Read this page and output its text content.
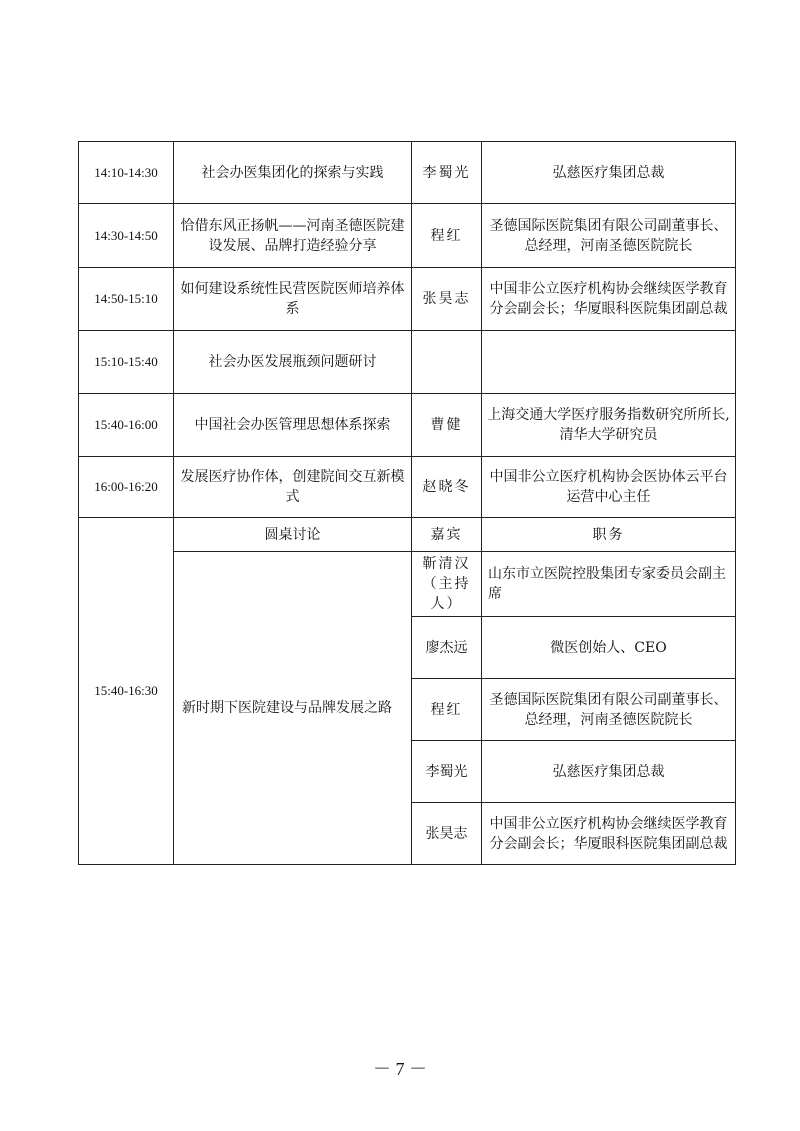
14:10-14:30	社会办医集团化的探索与实践	李蜀光	弘慈医疗集团总裁
14:30-14:50	恰借东风正扬帆——河南圣德医院建设发展、品牌打造经验分享	程红	圣德国际医院集团有限公司副董事长、总经理，河南圣德医院院长
14:50-15:10	如何建设系统性民营医院医师培养体系	张昊志	中国非公立医疗机构协会继续医学教育分会副会长；华厦眼科医院集团副总裁
15:10-15:40	社会办医发展瓶颈问题研讨		
15:40-16:00	中国社会办医管理思想体系探索	曹健	上海交通大学医疗服务指数研究所所长,清华大学研究员
16:00-16:20	发展医疗协作体，创建院间交互新模式	赵晓冬	中国非公立医疗机构协会医协体云平台运营中心主任
15:40-16:30	圆桌讨论	嘉宾	职务
	新时期下医院建设与品牌发展之路	靳清汉（主持人）	山东市立医院控股集团专家委员会副主席
		廖杰远	微医创始人、CEO
		程红	圣德国际医院集团有限公司副董事长、总经理，河南圣德医院院长
		李蜀光	弘慈医疗集团总裁
		张昊志	中国非公立医疗机构协会继续医学教育分会副会长；华厦眼科医院集团副总裁
－ 7 －
